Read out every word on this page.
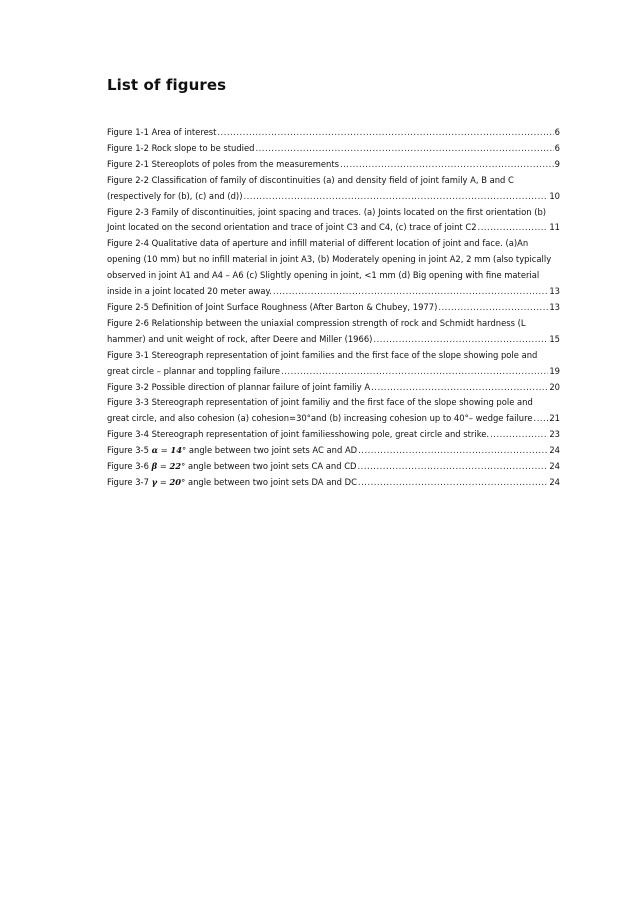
List of figures
Figure 1-1 Area of interest .....	6
Figure 1-2 Rock slope to be studied .....	6
Figure 2-1 Stereoplots of poles from the measurements .....	9
Figure 2-2 Classification of family of discontinuities (a) and density field of joint family A, B and C
(respectively for (b), (c) and (d)) .....	10
Figure 2-3 Family of discontinuities, joint spacing and traces. (a) Joints located on the first orientation (b)
Joint located on the second orientation and trace of joint C3 and C4, (c) trace of joint C2 .....	11
Figure 2-4 Qualitative data of aperture and infill material of different location of joint and face. (a)An
opening (10 mm) but no infill material in joint A3, (b) Moderately opening in joint A2, 2 mm (also typically
observed in joint A1 and A4 – A6 (c) Slightly opening in joint, <1 mm (d) Big opening with fine material
inside in a joint located 20 meter away. .....	13
Figure 2-5 Definition of Joint Surface Roughness (After Barton & Chubey, 1977) .....	13
Figure 2-6 Relationship between the uniaxial compression strength of rock and Schmidt hardness (L
hammer) and unit weight of rock, after Deere and Miller (1966) .....	15
Figure 3-1 Stereograph representation of joint families and the first face of the slope showing pole and
great circle – plannar and toppling failure .....	19
Figure 3-2 Possible direction of plannar failure of joint familiy A .....	20
Figure 3-3 Stereograph representation of joint familiy and the first face of the slope showing pole and
great circle, and also cohesion (a) cohesion=30°and (b) increasing cohesion up to 40°– wedge failure ..... 21
Figure 3-4 Stereograph representation of joint familiesshowing pole, great circle and strike. .....	23
Figure 3-5 α = 14° angle between two joint sets AC and AD .....	24
Figure 3-6 β = 22° angle between two joint sets CA and CD .....	24
Figure 3-7 γ = 20° angle between two joint sets DA and DC .....	24
